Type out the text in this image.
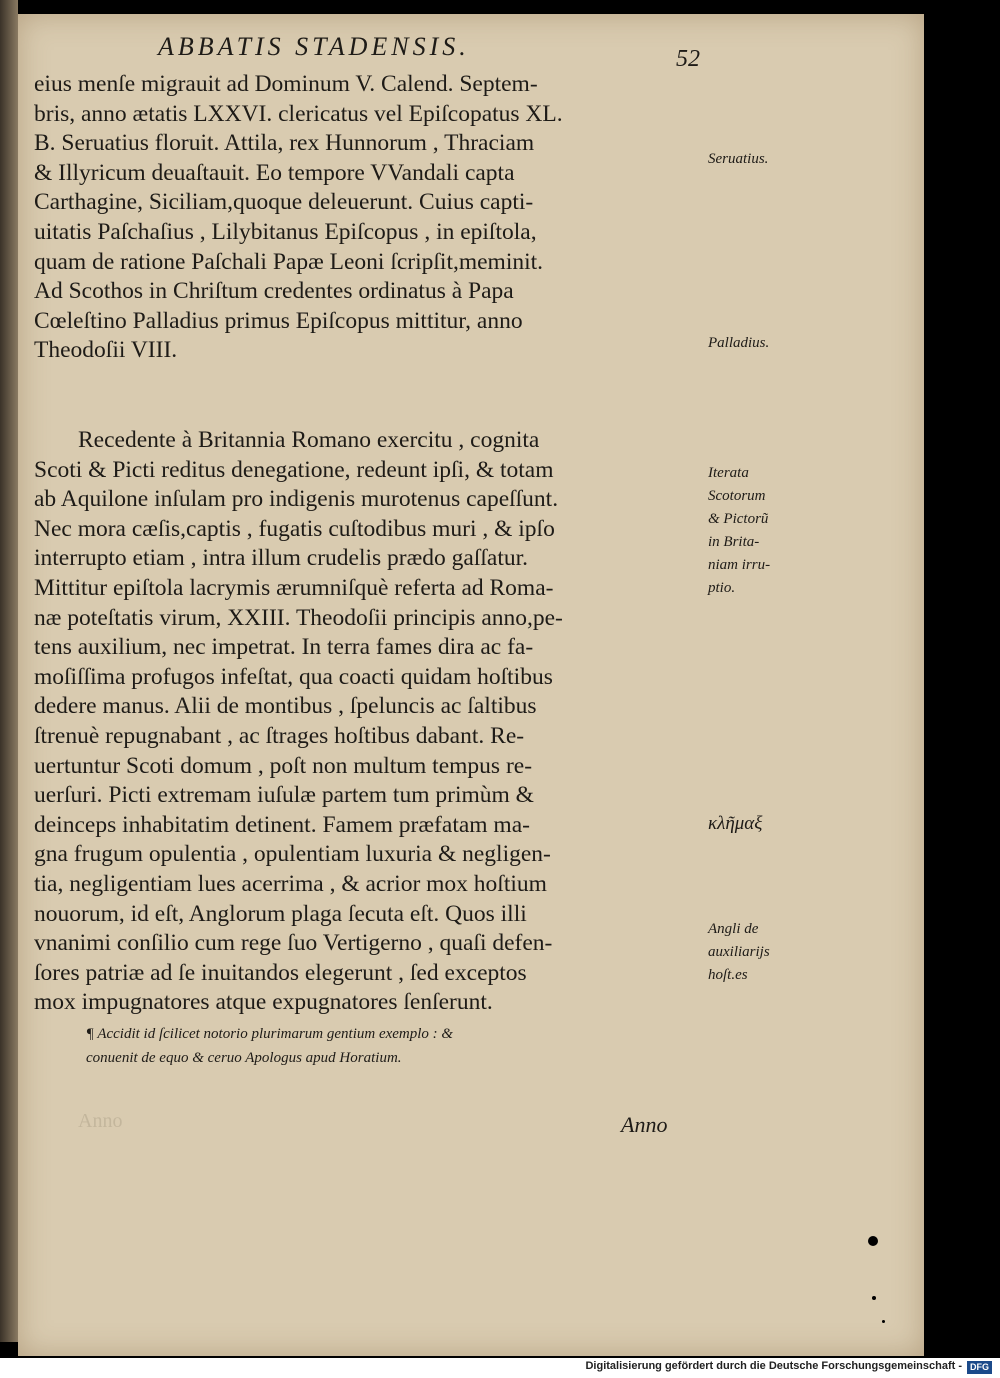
ABBATIS STADENSIS.	52
eius menſe migrauit ad Dominum V. Calend. Septem-
bris, anno ætatis LXXVI. clericatus vel Epiſcopatus XL.
B. Seruatius floruit. Attila, rex Hunnorum , Thraciam
& Illyricum deuaſtauit. Eo tempore VVandali capta
Carthagine, Siciliam,quoque deleuerunt. Cuius capti-
uitatis Paſchaſius , Lilybitanus Epiſcopus , in epiſtola,
quam de ratione Paſchali Papæ Leoni ſcripſit,meminit.
Ad Scothos in Chriſtum credentes ordinatus à Papa
Cœleſtino Palladius primus Epiſcopus mittitur, anno
Theodoſii VIII.
Seruatius.
Palladius.
Recedente à Britannia Romano exercitu , cognita
Scoti & Picti reditus denegatione, redeunt ipſi, & totam
ab Aquilone inſulam pro indigenis murotenus capeſſunt.
Nec mora cæſis,captis , fugatis cuſtodibus muri , & ipſo
interrupto etiam , intra illum crudelis prædo gaſſatur.
Mittitur epiſtola lacrymis ærumniſquè referta ad Roma-
næ poteſtatis virum, XXIII. Theodoſii principis anno,pe-
tens auxilium, nec impetrat. In terra fames dira ac fa-
moſiſſima profugos infeſtat, qua coacti quidam hoſtibus
dedere manus. Alii de montibus , ſpeluncis ac ſaltibus
ſtrenuè repugnabant , ac ſtrages hoſtibus dabant. Re-
uertuntur Scoti domum , poſt non multum tempus re-
uerſuri. Picti extremam iuſulæ partem tum primùm &
deinceps inhabitatim detinent. Famem præfatam ma-
gna frugum opulentia , opulentiam luxuria & negligen-
tia, negligentiam lues acerrima , & acrior mox hoſtium
nouorum, id eſt, Anglorum plaga ſecuta eſt. Quos illi
vnanimi conſilio cum rege ſuo Vertigerno , quaſi defen-
ſores patriæ ad ſe inuitandos elegerunt , ſed exceptos
mox impugnatores atque expugnatores ſenſerunt.
Iterata
Scotorum
& Pictorũ
in Brita-
niam irru-
ptio.
κλῆμαξ
Angli de
auxiliarijs
hoſt.es
¶ Accidit id ſcilicet notorio plurimarum gentium exemplo : &
conuenit de equo & ceruo Apologus apud Horatium.
Anno	Anno
Digitalisierung gefördert durch die Deutsche Forschungsgemeinschaft - DFG
